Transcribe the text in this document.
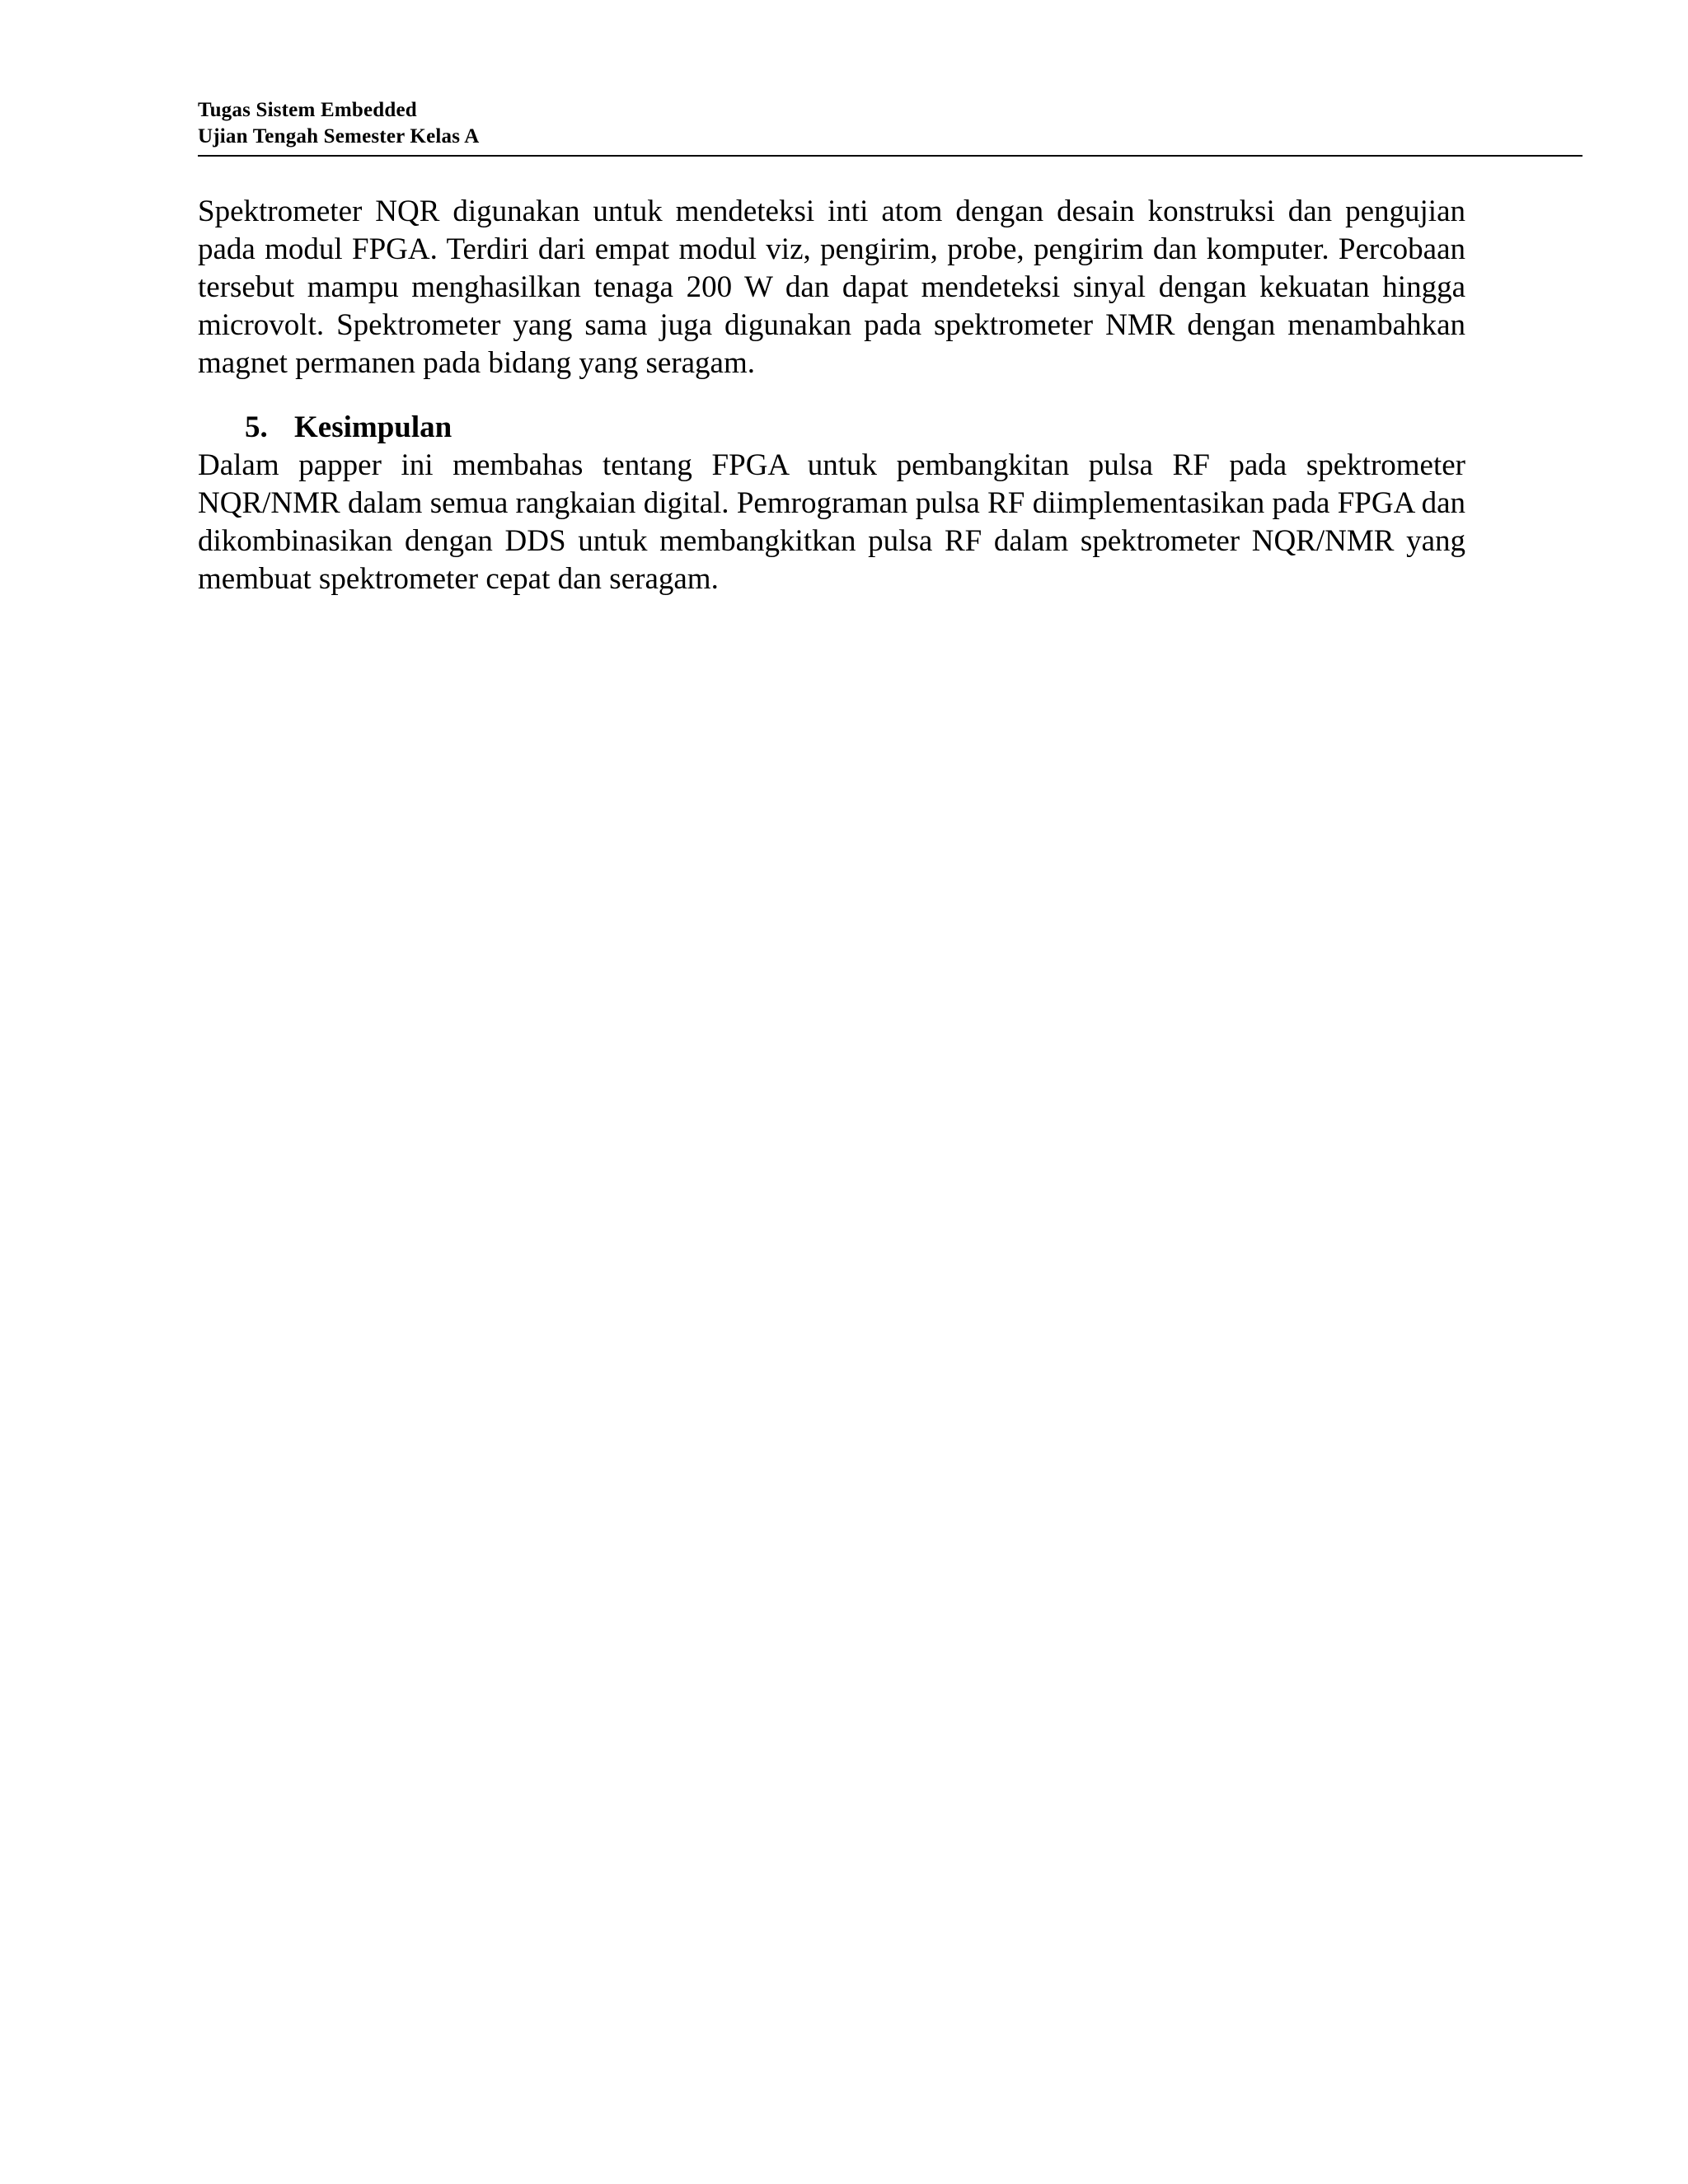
Tugas Sistem Embedded

Ujian Tengah Semester Kelas A

Spektrometer NQR digunakan untuk mendeteksi inti atom dengan desain konstruksi dan pengujian pada modul FPGA. Terdiri dari empat modul viz, pengirim, probe, pengirim dan komputer. Percobaan tersebut mampu menghasilkan tenaga 200 W dan dapat mendeteksi sinyal dengan kekuatan hingga microvolt. Spektrometer yang sama juga digunakan pada spektrometer NMR dengan menambahkan magnet permanen pada bidang yang seragam.

5. Kesimpulan

Dalam papper ini membahas tentang FPGA untuk pembangkitan pulsa RF pada spektrometer NQR/NMR dalam semua rangkaian digital. Pemrograman pulsa RF diimplementasikan pada FPGA dan dikombinasikan dengan DDS untuk membangkitkan pulsa RF dalam spektrometer NQR/NMR yang membuat spektrometer cepat dan seragam.
